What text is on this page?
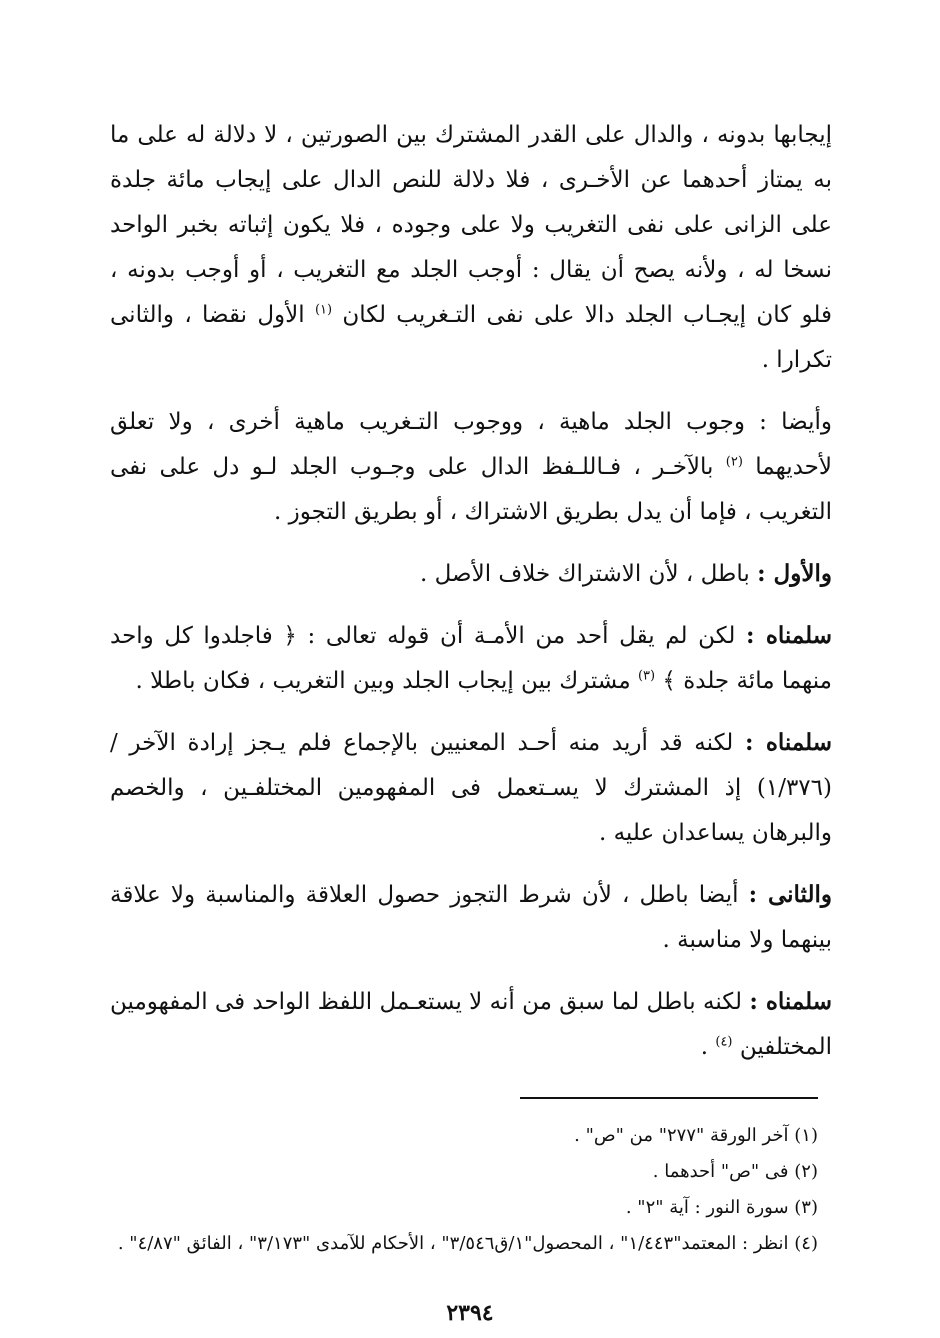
إيجابها بدونه ، والدال على القدر المشترك بين الصورتين ، لا دلالة له على ما به يمتاز أحدهما عن الأخـرى ، فلا دلالة للنص الدال على إيجاب مائة جلدة على الزانى على نفى التغريب ولا على وجوده ، فلا يكون إثباته بخبر الواحد نسخا له ، ولأنه يصح أن يقال : أوجب الجلد مع التغريب ، أو أوجب بدونه ، فلو كان إيجـاب الجلد دالا على نفى التـغريب لكان $^{(١)}$ الأول نقضا ، والثانى تكرارا .

وأيضا : وجوب الجلد ماهية ، ووجوب التـغريب ماهية أخرى ، ولا تعلق لأحديهما $^{(٢)}$ بالآخـر ، فـاللـفظ الدال على وجـوب الجلد لـو دل على نفى التغريب ، فإما أن يدل بطريق الاشتراك ، أو بطريق التجوز .

والأول : باطل ، لأن الاشتراك خلاف الأصل .

سلمناه : لكن لم يقل أحد من الأمـة أن قوله تعالى : ﴿ فاجلدوا كل واحد منهما مائة جلدة ﴾ $^{(٣)}$ مشترك بين إيجاب الجلد وبين التغريب ، فكان باطلا .

سلمناه : لكنه قد أريد منه أحـد المعنيين بالإجماع فلم يـجز إرادة الآخر / (١/٣٧٦) إذ المشترك لا يسـتعمل فى المفهومين المختلفـين ، والخصم والبرهان يساعدان عليه .

والثانى : أيضا باطل ، لأن شرط التجوز حصول العلاقة والمناسبة ولا علاقة بينهما ولا مناسبة .

سلمناه : لكنه باطل لما سبق من أنه لا يستعـمل اللفظ الواحد فى المفهومين المختلفين $^{(٤)}$ .

(١) آخر الورقة "٢٧٧" من "ص" .

(٢) فى "ص" أحدهما .

(٣) سورة النور : آية "٢" .

(٤) انظر : المعتمد"١/٤٤٣" ، المحصول"١/ق٣/٥٤٦" ، الأحكام للآمدى "٣/١٧٣" ، الفائق "٤/٨٧" .

٢٣٩٤
